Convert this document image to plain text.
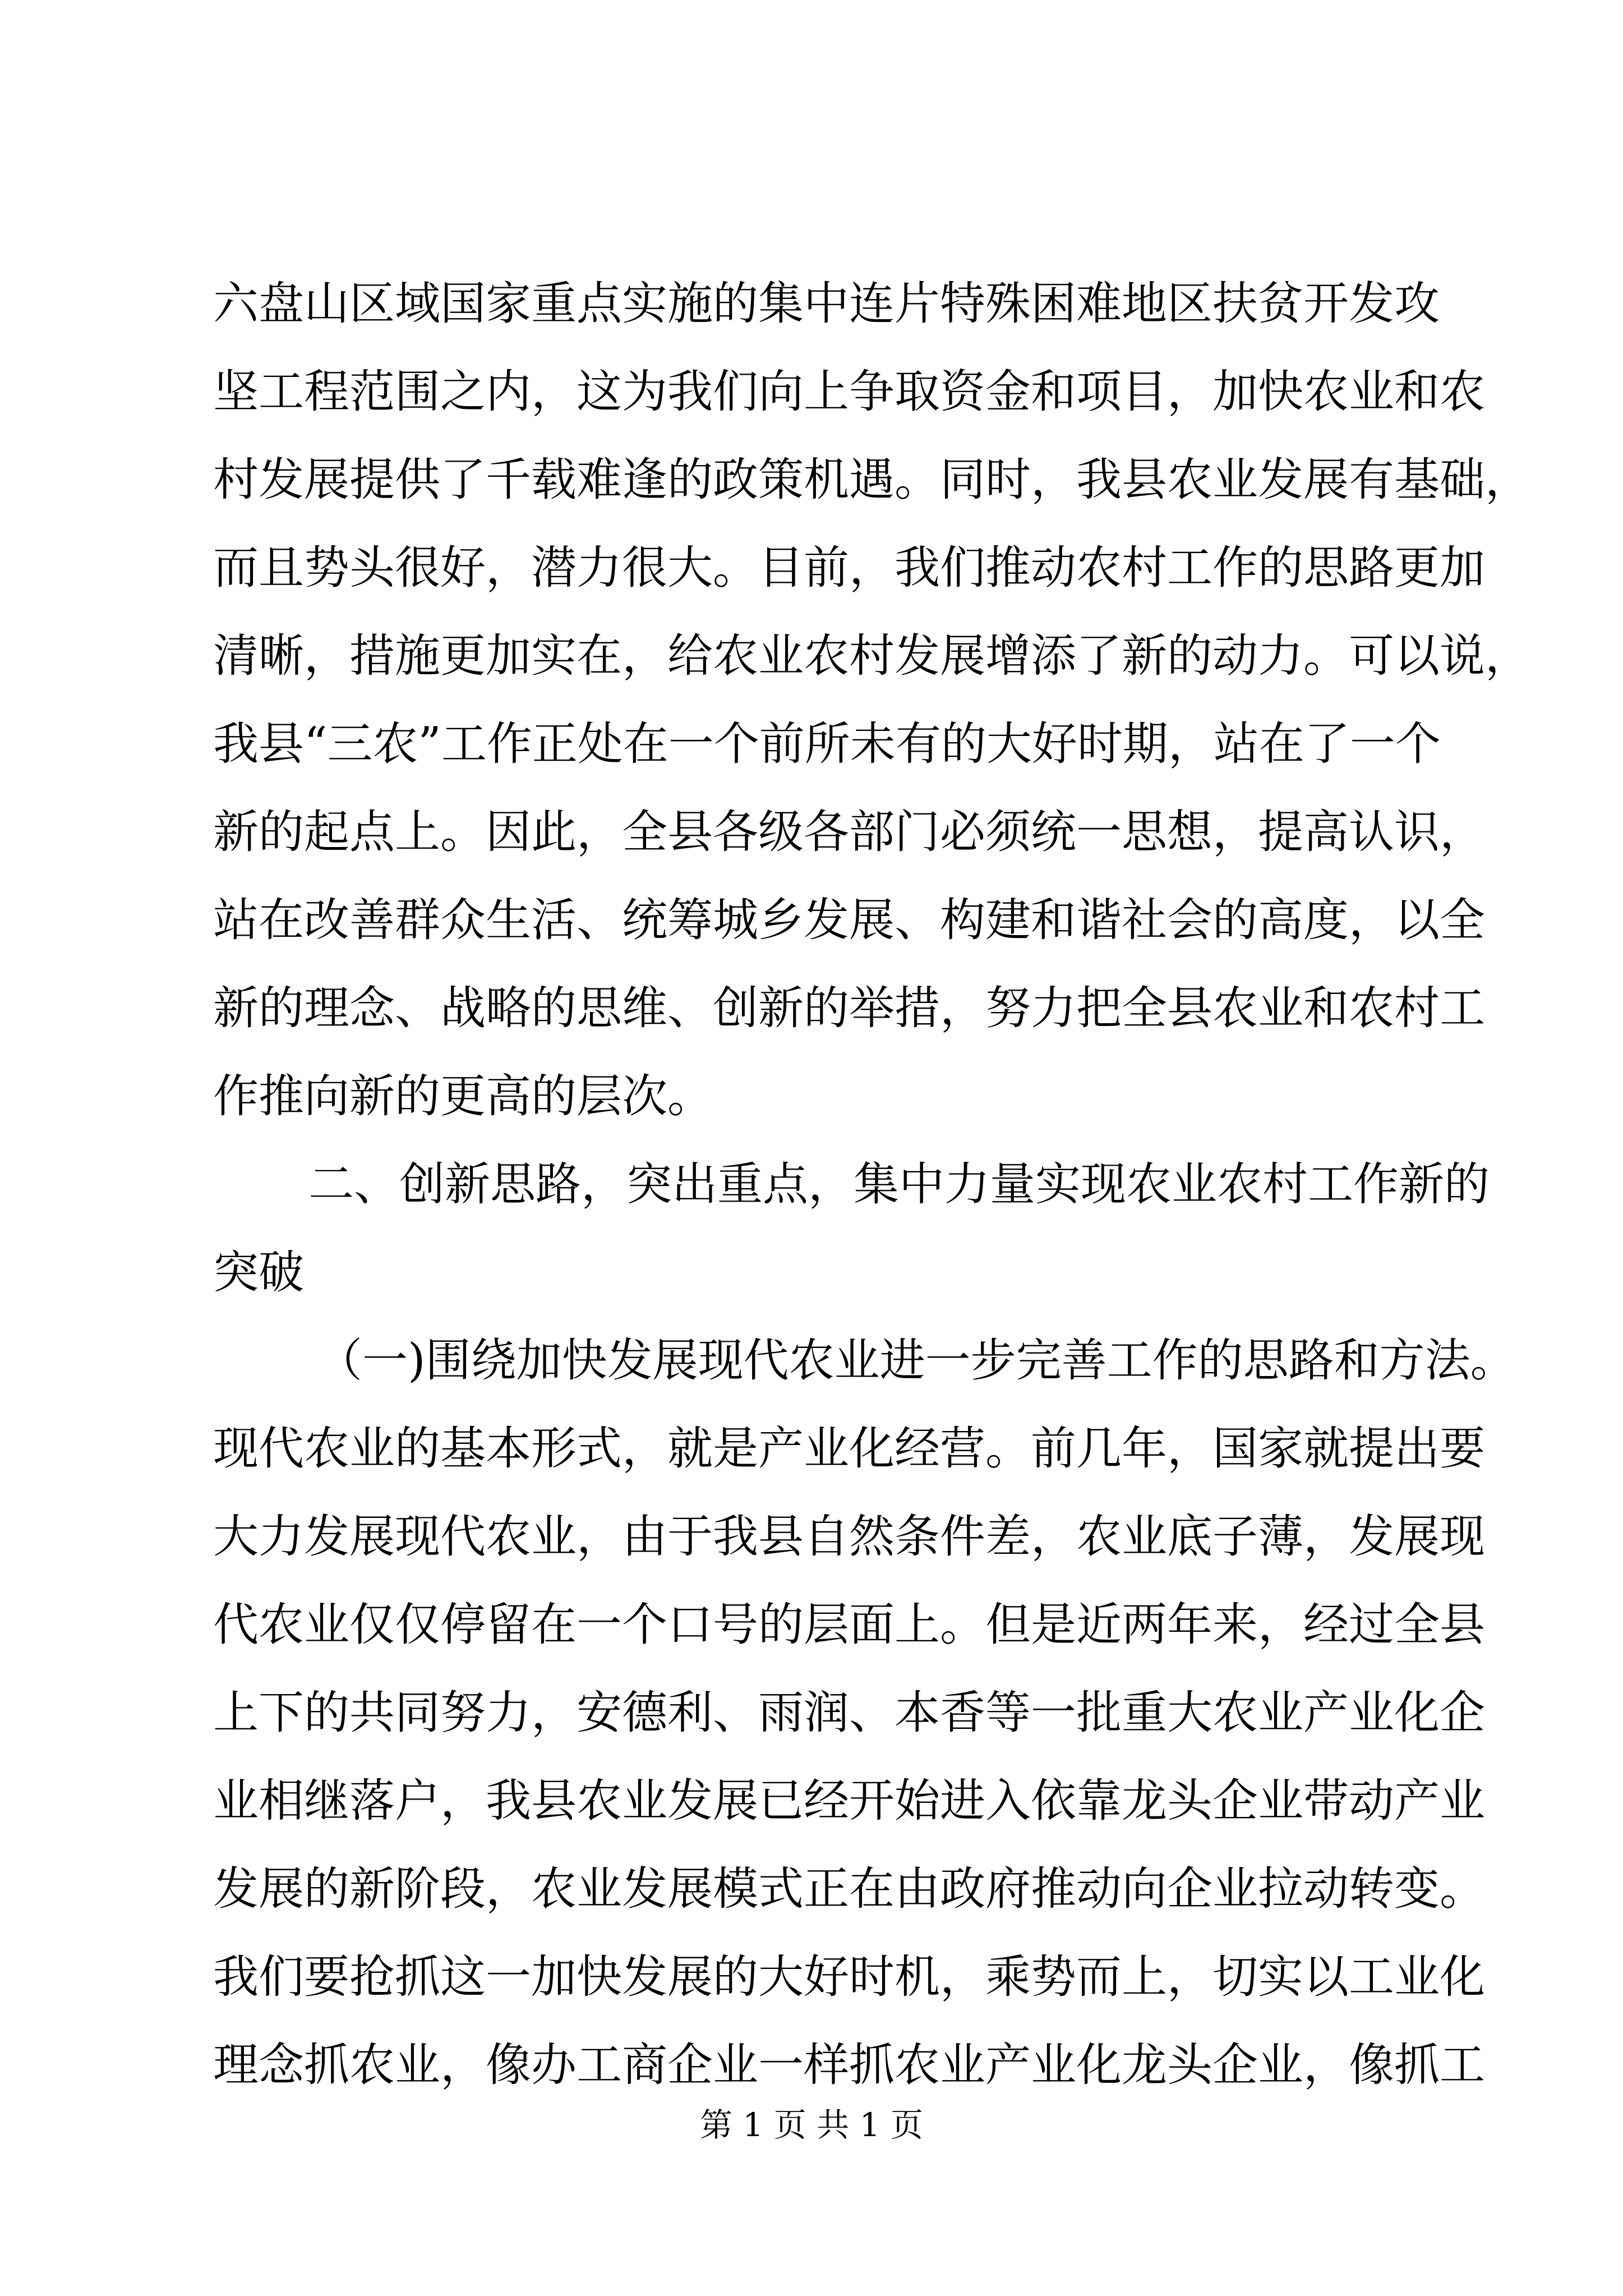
六盘山区域国家重点实施的集中连片特殊困难地区扶贫开发攻
坚工程范围之内，这为我们向上争取资金和项目，加快农业和农
村发展提供了千载难逢的政策机遇。同时，我县农业发展有基础，
而且势头很好，潜力很大。目前，我们推动农村工作的思路更加
清晰，措施更加实在，给农业农村发展增添了新的动力。可以说，
我县“三农”工作正处在一个前所未有的大好时期，站在了一个
新的起点上。因此，全县各级各部门必须统一思想，提高认识，
站在改善群众生活、统筹城乡发展、构建和谐社会的高度，以全
新的理念、战略的思维、创新的举措，努力把全县农业和农村工
作推向新的更高的层次。
二、创新思路，突出重点，集中力量实现农业农村工作新的
突破
（一)围绕加快发展现代农业进一步完善工作的思路和方法。
现代农业的基本形式，就是产业化经营。前几年，国家就提出要
大力发展现代农业，由于我县自然条件差，农业底子薄，发展现
代农业仅仅停留在一个口号的层面上。但是近两年来，经过全县
上下的共同努力，安德利、雨润、本香等一批重大农业产业化企
业相继落户，我县农业发展已经开始进入依靠龙头企业带动产业
发展的新阶段，农业发展模式正在由政府推动向企业拉动转变。
我们要抢抓这一加快发展的大好时机，乘势而上，切实以工业化
理念抓农业，像办工商企业一样抓农业产业化龙头企业，像抓工
第 1 页 共 1 页
